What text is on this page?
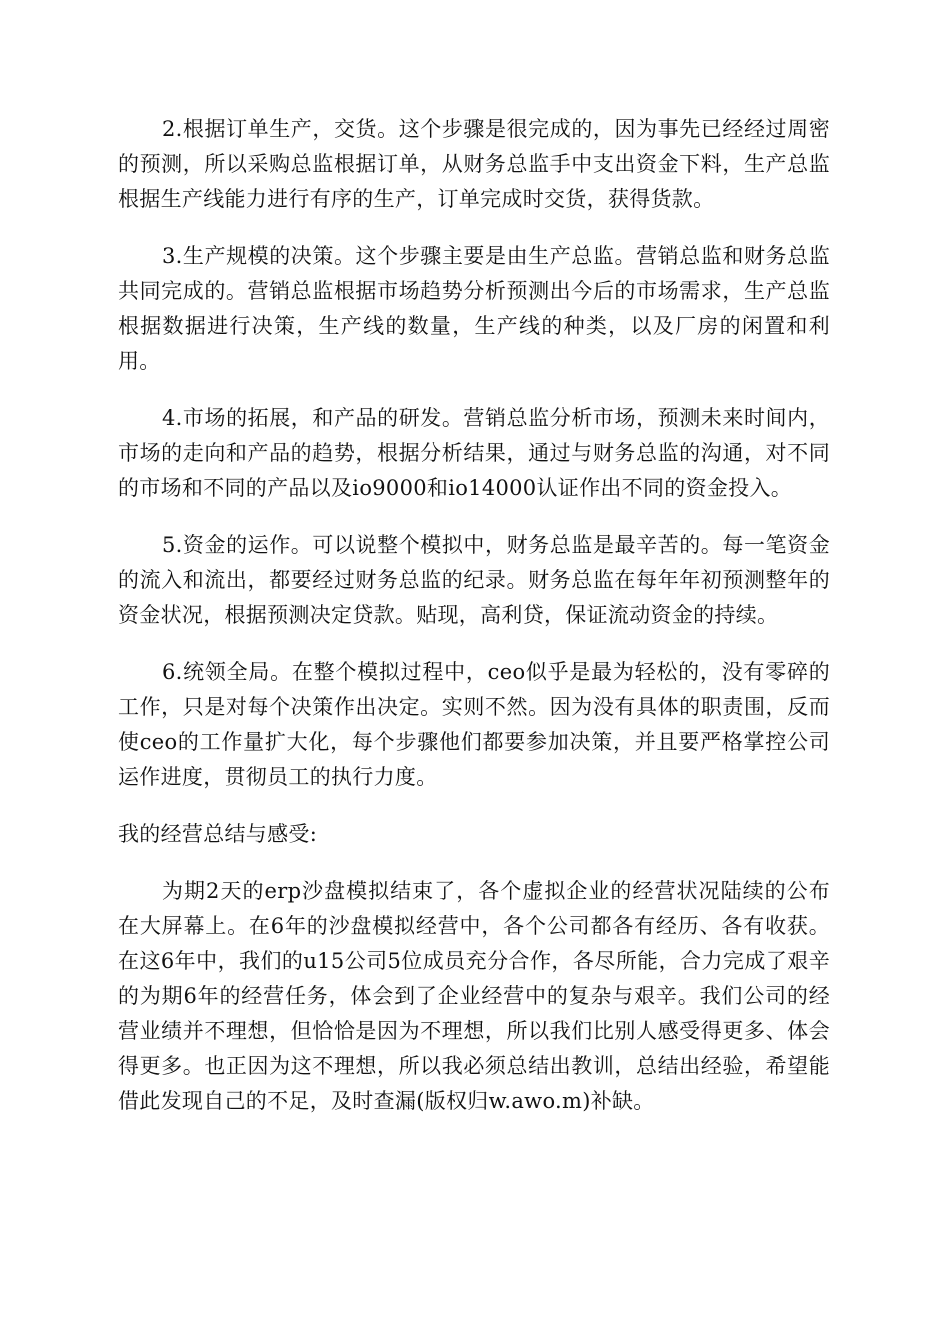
2.根据订单生产，交货。这个步骤是很完成的，因为事先已经经过周密的预测，所以采购总监根据订单，从财务总监手中支出资金下料，生产总监根据生产线能力进行有序的生产，订单完成时交货，获得货款。

3.生产规模的决策。这个步骤主要是由生产总监。营销总监和财务总监共同完成的。营销总监根据市场趋势分析预测出今后的市场需求，生产总监根据数据进行决策，生产线的数量，生产线的种类，以及厂房的闲置和利用。

4.市场的拓展，和产品的研发。营销总监分析市场，预测未来时间内，市场的走向和产品的趋势，根据分析结果，通过与财务总监的沟通，对不同的市场和不同的产品以及io9000和io14000认证作出不同的资金投入。

5.资金的运作。可以说整个模拟中，财务总监是最辛苦的。每一笔资金的流入和流出，都要经过财务总监的纪录。财务总监在每年年初预测整年的资金状况，根据预测决定贷款。贴现，高利贷，保证流动资金的持续。

6.统领全局。在整个模拟过程中，ceo似乎是最为轻松的，没有零碎的工作，只是对每个决策作出决定。实则不然。因为没有具体的职责围，反而使ceo的工作量扩大化，每个步骤他们都要参加决策，并且要严格掌控公司运作进度，贯彻员工的执行力度。

我的经营总结与感受:

为期2天的erp沙盘模拟结束了，各个虚拟企业的经营状况陆续的公布在大屏幕上。在6年的沙盘模拟经营中，各个公司都各有经历、各有收获。在这6年中，我们的u15公司5位成员充分合作，各尽所能，合力完成了艰辛的为期6年的经营任务，体会到了企业经营中的复杂与艰辛。我们公司的经营业绩并不理想，但恰恰是因为不理想，所以我们比别人感受得更多、体会得更多。也正因为这不理想，所以我必须总结出教训，总结出经验，希望能借此发现自己的不足，及时查漏(版权归w.awo.m)补缺。
